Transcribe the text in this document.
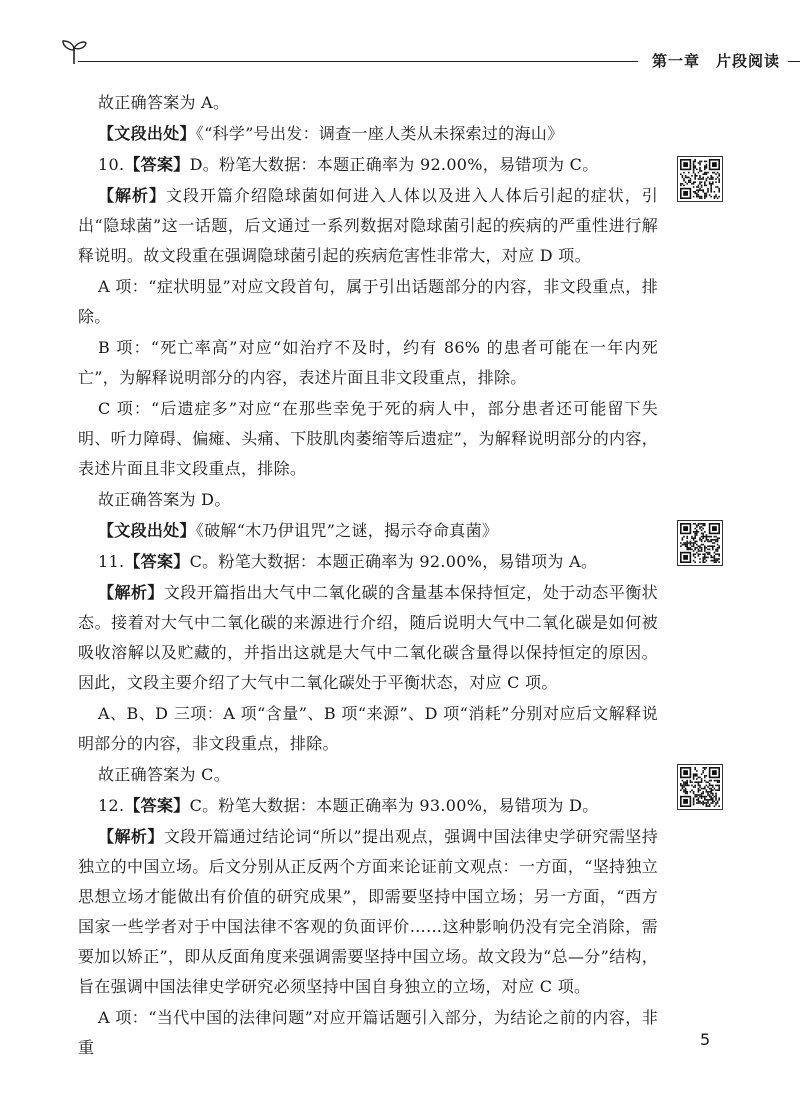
第一章　片段阅读

故正确答案为 A。

【文段出处】《“科学”号出发：调查一座人类从未探索过的海山》

10.【答案】D。粉笔大数据：本题正确率为 92.00%，易错项为 C。

【解析】文段开篇介绍隐球菌如何进入人体以及进入人体后引起的症状，引出“隐球菌”这一话题，后文通过一系列数据对隐球菌引起的疾病的严重性进行解释说明。故文段重在强调隐球菌引起的疾病危害性非常大，对应 D 项。

A 项：“症状明显”对应文段首句，属于引出话题部分的内容，非文段重点，排除。

B 项：“死亡率高”对应“如治疗不及时，约有 86% 的患者可能在一年内死亡”，为解释说明部分的内容，表述片面且非文段重点，排除。

C 项：“后遗症多”对应“在那些幸免于死的病人中，部分患者还可能留下失明、听力障碍、偏瘫、头痛、下肢肌肉萎缩等后遗症”，为解释说明部分的内容，表述片面且非文段重点，排除。

故正确答案为 D。

【文段出处】《破解“木乃伊诅咒”之谜，揭示夺命真菌》

11.【答案】C。粉笔大数据：本题正确率为 92.00%，易错项为 A。

【解析】文段开篇指出大气中二氧化碳的含量基本保持恒定，处于动态平衡状态。接着对大气中二氧化碳的来源进行介绍，随后说明大气中二氧化碳是如何被吸收溶解以及贮藏的，并指出这就是大气中二氧化碳含量得以保持恒定的原因。因此，文段主要介绍了大气中二氧化碳处于平衡状态，对应 C 项。

A、B、D 三项：A 项“含量”、B 项“来源”、D 项“消耗”分别对应后文解释说明部分的内容，非文段重点，排除。

故正确答案为 C。

12.【答案】C。粉笔大数据：本题正确率为 93.00%，易错项为 D。

【解析】文段开篇通过结论词“所以”提出观点，强调中国法律史学研究需坚持独立的中国立场。后文分别从正反两个方面来论证前文观点：一方面，“坚持独立思想立场才能做出有价值的研究成果”，即需要坚持中国立场；另一方面，“西方国家一些学者对于中国法律不客观的负面评价……这种影响仍没有完全消除，需要加以矫正”，即从反面角度来强调需要坚持中国立场。故文段为“总—分”结构，旨在强调中国法律史学研究必须坚持中国自身独立的立场，对应 C 项。

A 项：“当代中国的法律问题”对应开篇话题引入部分，为结论之前的内容，非重	5
